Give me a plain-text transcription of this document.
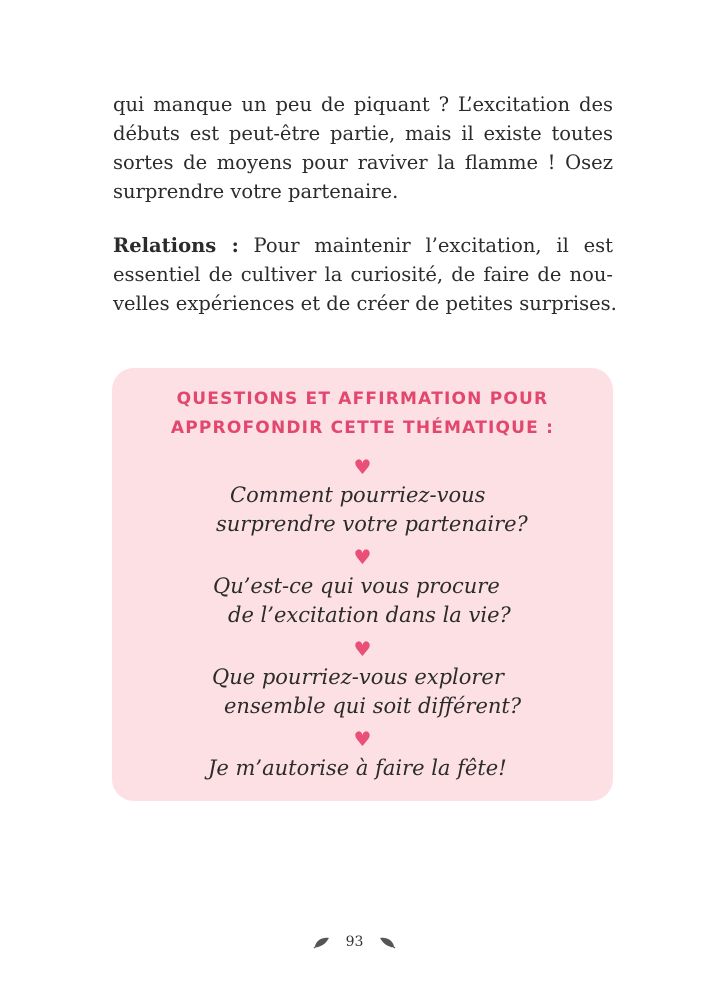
qui manque un peu de piquant ? L’excitation des
débuts est peut-être partie, mais il existe toutes
sortes de moyens pour raviver la flamme ! Osez
surprendre votre partenaire.
Relations : Pour maintenir l’excitation, il est
essentiel de cultiver la curiosité, de faire de nou-
velles expériences et de créer de petites surprises.
QUESTIONS ET AFFIRMATION POUR
APPROFONDIR CETTE THÉMATIQUE :
♥
Comment pourriez-vous
surprendre votre partenaire?
♥
Qu’est-ce qui vous procure
de l’excitation dans la vie?
♥
Que pourriez-vous explorer
ensemble qui soit différent?
♥
Je m’autorise à faire la fête!
93
